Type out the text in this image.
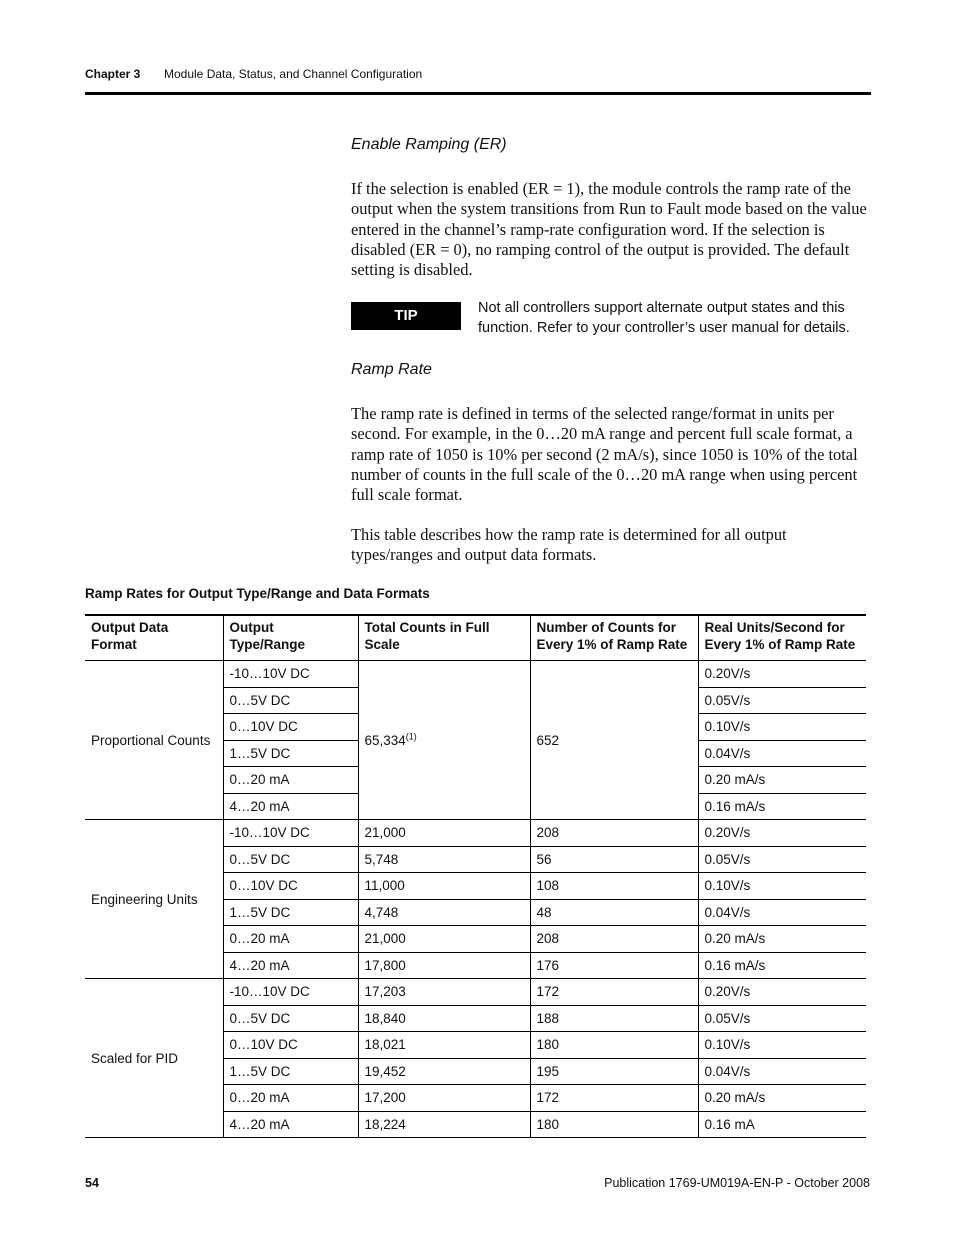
Chapter 3 Module Data, Status, and Channel Configuration
Enable Ramping (ER)
If the selection is enabled (ER = 1), the module controls the ramp rate of the output when the system transitions from Run to Fault mode based on the value entered in the channel’s ramp-rate configuration word. If the selection is disabled (ER = 0), no ramping control of the output is provided. The default setting is disabled.
TIP	Not all controllers support alternate output states and this function. Refer to your controller’s user manual for details.
Ramp Rate
The ramp rate is defined in terms of the selected range/format in units per second. For example, in the 0…20 mA range and percent full scale format, a ramp rate of 1050 is 10% per second (2 mA/s), since 1050 is 10% of the total number of counts in the full scale of the 0…20 mA range when using percent full scale format.
This table describes how the ramp rate is determined for all output types/ranges and output data formats.
Ramp Rates for Output Type/Range and Data Formats
Output Data Format	Output Type/Range	Total Counts in Full Scale	Number of Counts for Every 1% of Ramp Rate	Real Units/Second for Every 1% of Ramp Rate
Proportional Counts	-10…10V DC	65,334$^{(1)}$	652	0.20V/s
	0…5V DC			0.05V/s
	0…10V DC			0.10V/s
	1…5V DC			0.04V/s
	0…20 mA			0.20 mA/s
	4…20 mA			0.16 mA/s
Engineering Units	-10…10V DC	21,000	208	0.20V/s
	0…5V DC	5,748	56	0.05V/s
	0…10V DC	11,000	108	0.10V/s
	1…5V DC	4,748	48	0.04V/s
	0…20 mA	21,000	208	0.20 mA/s
	4…20 mA	17,800	176	0.16 mA/s
Scaled for PID	-10…10V DC	17,203	172	0.20V/s
	0…5V DC	18,840	188	0.05V/s
	0…10V DC	18,021	180	0.10V/s
	1…5V DC	19,452	195	0.04V/s
	0…20 mA	17,200	172	0.20 mA/s
	4…20 mA	18,224	180	0.16 mA
54	Publication 1769-UM019A-EN-P - October 2008
